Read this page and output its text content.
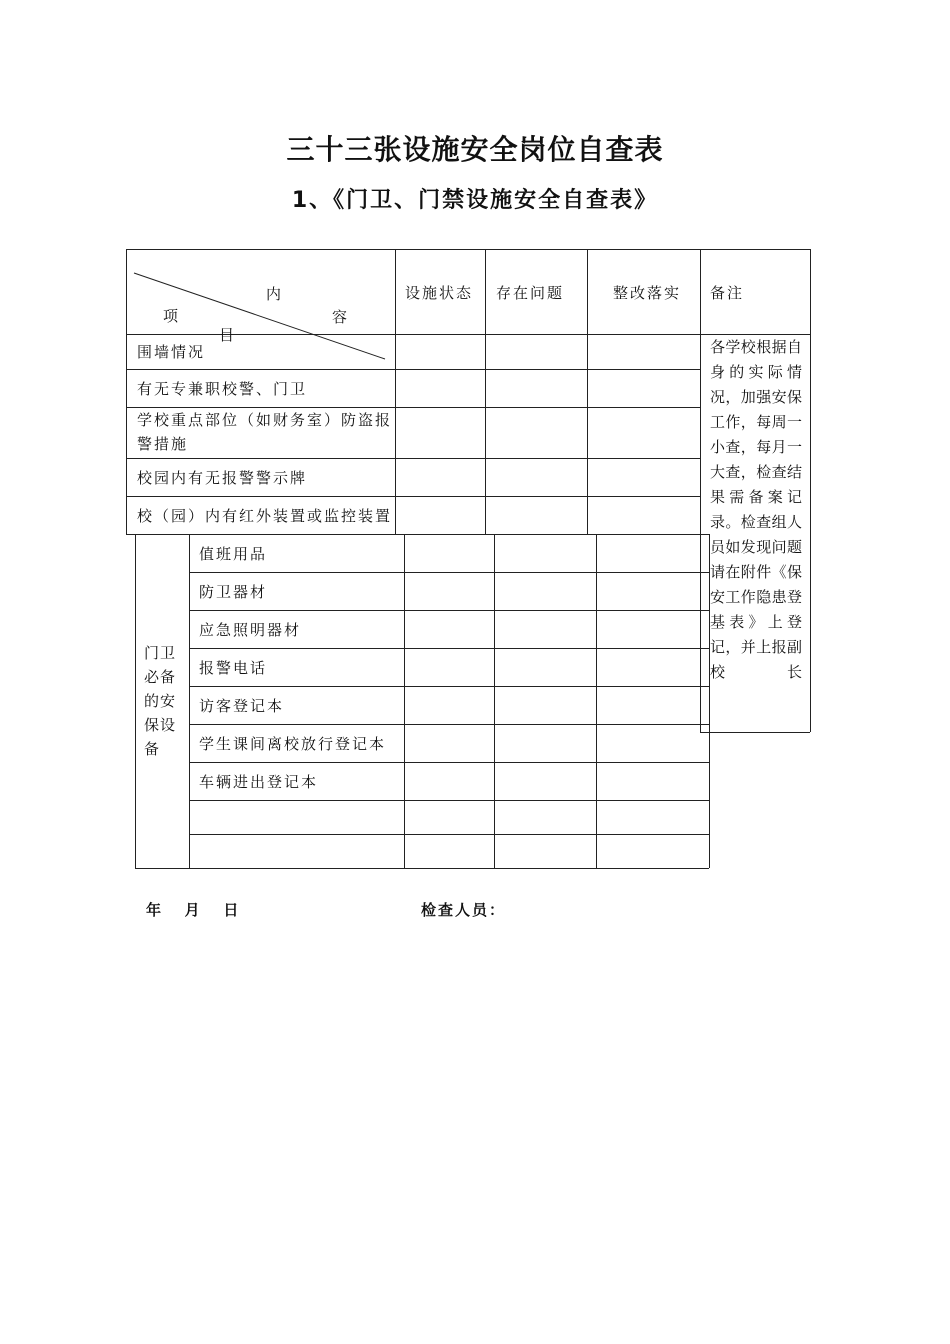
三十三张设施安全岗位自查表
1、《门卫、门禁设施安全自查表》
内
容
项
目
设施状态 存在问题	整改落实 备注
围墙情况
有无专兼职校警、门卫
学校重点部位（如财务室）防盗报警措施
校园内有无报警警示牌
校（园）内有红外装置或监控装置
各学校根据自身的实际情况，加强安保工作，每周一小查，每月一大查，检查结果需备案记录。检查组人员如发现问题请在附件《保安工作隐患登基表》上登记，并上报副校长
门卫必备的安保设备
值班用品
防卫器材
应急照明器材
报警电话
访客登记本
学生课间离校放行登记本
车辆进出登记本
年   月   日	检查人员：
